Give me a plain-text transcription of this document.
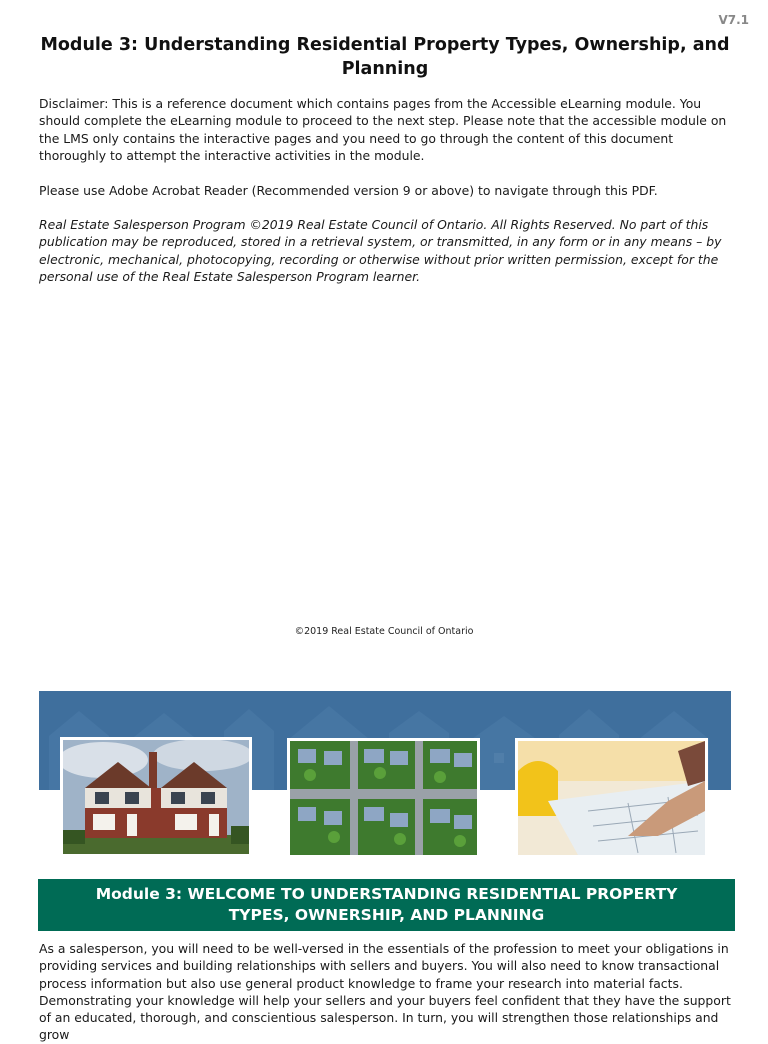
V7.1
Module 3: Understanding Residential Property Types, Ownership, and Planning

Disclaimer: This is a reference document which contains pages from the Accessible eLearning module. You should complete the eLearning module to proceed to the next step. Please note that the accessible module on the LMS only contains the interactive pages and you need to go through the content of this document thoroughly to attempt the interactive activities in the module.

Please use Adobe Acrobat Reader (Recommended version 9 or above) to navigate through this PDF.

Real Estate Salesperson Program ©2019 Real Estate Council of Ontario. All Rights Reserved. No part of this publication may be reproduced, stored in a retrieval system, or transmitted, in any form or in any means – by electronic, mechanical, photocopying, recording or otherwise without prior written permission, except for the personal use of the Real Estate Salesperson Program learner.

©2019 Real Estate Council of Ontario
Module 3: WELCOME TO UNDERSTANDING RESIDENTIAL PROPERTY TYPES, OWNERSHIP, AND PLANNING

As a salesperson, you will need to be well-versed in the essentials of the profession to meet your obligations in providing services and building relationships with sellers and buyers. You will also need to know transactional process information but also use general product knowledge to frame your research into material facts. Demonstrating your knowledge will help your sellers and your buyers feel confident that they have the support of an educated, thorough, and conscientious salesperson. In turn, you will strengthen those relationships and grow
